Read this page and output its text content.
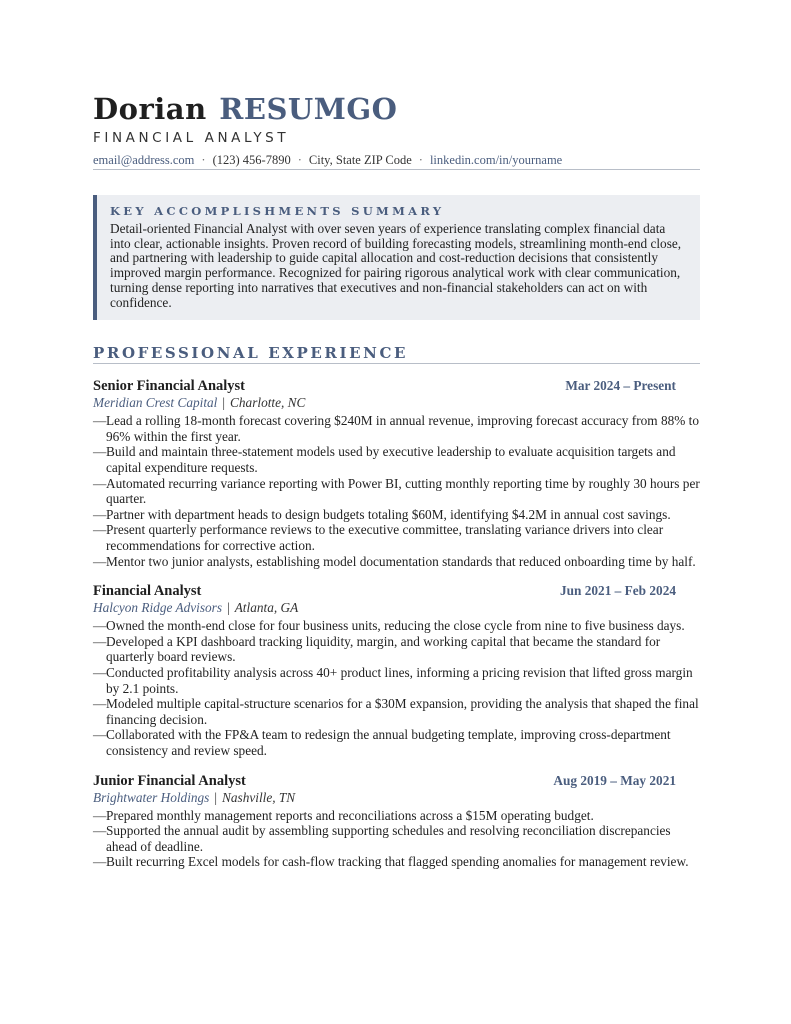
Dorian RESUMGO
FINANCIAL ANALYST
email@address.com · (123) 456-7890 · City, State ZIP Code · linkedin.com/in/yourname
KEY ACCOMPLISHMENTS SUMMARY
Detail-oriented Financial Analyst with over seven years of experience translating complex financial data into clear, actionable insights. Proven record of building forecasting models, streamlining month-end close, and partnering with leadership to guide capital allocation and cost-reduction decisions that consistently improved margin performance. Recognized for pairing rigorous analytical work with clear communication, turning dense reporting into narratives that executives and non-financial stakeholders can act on with confidence.
PROFESSIONAL EXPERIENCE
Senior Financial Analyst	Mar 2024 – Present
Meridian Crest Capital | Charlotte, NC
—Lead a rolling 18-month forecast covering $240M in annual revenue, improving forecast accuracy from 88% to 96% within the first year.
—Build and maintain three-statement models used by executive leadership to evaluate acquisition targets and capital expenditure requests.
—Automated recurring variance reporting with Power BI, cutting monthly reporting time by roughly 30 hours per quarter.
—Partner with department heads to design budgets totaling $60M, identifying $4.2M in annual cost savings.
—Present quarterly performance reviews to the executive committee, translating variance drivers into clear recommendations for corrective action.
—Mentor two junior analysts, establishing model documentation standards that reduced onboarding time by half.
Financial Analyst	Jun 2021 – Feb 2024
Halcyon Ridge Advisors | Atlanta, GA
—Owned the month-end close for four business units, reducing the close cycle from nine to five business days.
—Developed a KPI dashboard tracking liquidity, margin, and working capital that became the standard for quarterly board reviews.
—Conducted profitability analysis across 40+ product lines, informing a pricing revision that lifted gross margin by 2.1 points.
—Modeled multiple capital-structure scenarios for a $30M expansion, providing the analysis that shaped the final financing decision.
—Collaborated with the FP&A team to redesign the annual budgeting template, improving cross-department consistency and review speed.
Junior Financial Analyst	Aug 2019 – May 2021
Brightwater Holdings | Nashville, TN
—Prepared monthly management reports and reconciliations across a $15M operating budget.
—Supported the annual audit by assembling supporting schedules and resolving reconciliation discrepancies ahead of deadline.
—Built recurring Excel models for cash-flow tracking that flagged spending anomalies for management review.
